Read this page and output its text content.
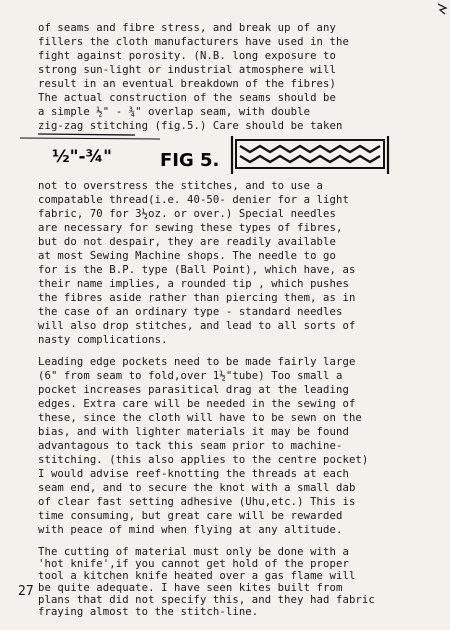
of seams and fibre stress, and break up of any
fillers the cloth manufacturers have used in the
fight against porosity. (N.B. long exposure to
strong sun-light or industrial atmosphere will
result in an eventual breakdown of the fibres)
The actual construction of the seams should be
a simple ½" - ¾" overlap seam, with double
zig-zag stitching (fig.5.) Care should be taken
½"-¾"	FIG 5.
not to overstress the stitches, and to use a
compatable thread(i.e. 40-50- denier for a light
fabric, 70 for 3½oz. or over.) Special needles
are necessary for sewing these types of fibres,
but do not despair, they are readily available
at most Sewing Machine shops. The needle to go
for is the B.P. type (Ball Point), which have, as
their name implies, a rounded tip , which pushes
the fibres aside rather than piercing them, as in
the case of an ordinary type - standard needles
will also drop stitches, and lead to all sorts of
nasty complications.
Leading edge pockets need to be made fairly large
(6" from seam to fold,over 1½"tube) Too small a
pocket increases parasitical drag at the leading
edges. Extra care will be needed in the sewing of
these, since the cloth will have to be sewn on the
bias, and with lighter materials it may be found
advantagous to tack this seam prior to machine-
stitching. (this also applies to the centre pocket)
I would advise reef-knotting the threads at each
seam end, and to secure the knot with a small dab
of clear fast setting adhesive (Uhu,etc.) This is
time consuming, but great care will be rewarded
with peace of mind when flying at any altitude.
The cutting of material must only be done with a
'hot knife',if you cannot get hold of the proper
tool a kitchen knife heated over a gas flame will
be quite adequate. I have seen kites built from
plans that did not specify this, and they had fabric
fraying almost to the stitch-line.
27
